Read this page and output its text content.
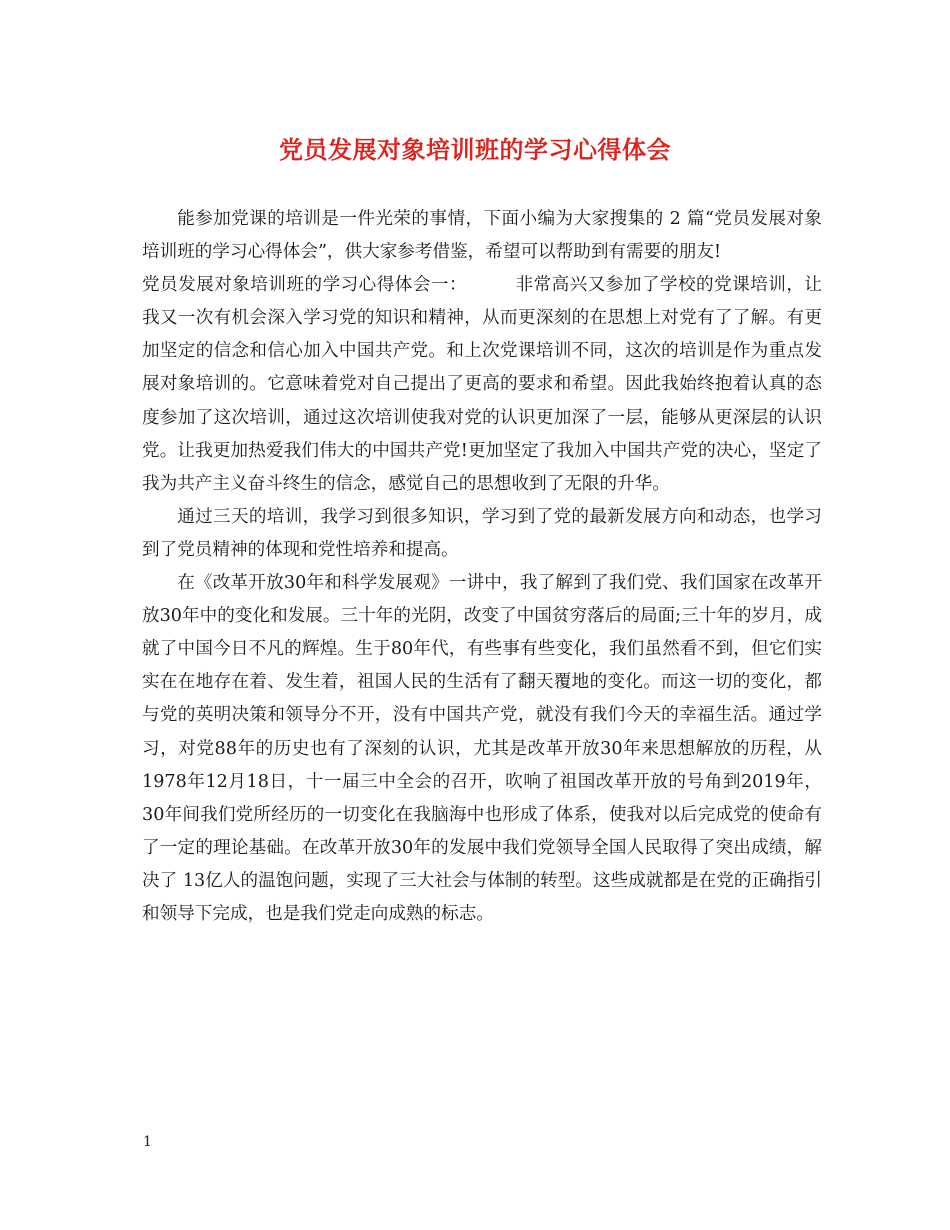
党员发展对象培训班的学习心得体会

能参加党课的培训是一件光荣的事情，下面小编为大家搜集的 2 篇“党员发展对象培训班的学习心得体会”，供大家参考借鉴，希望可以帮助到有需要的朋友!

党员发展对象培训班的学习心得体会一：	非常高兴又参加了学校的党课培训，让我又一次有机会深入学习党的知识和精神，从而更深刻的在思想上对党有了了解。有更加坚定的信念和信心加入中国共产党。和上次党课培训不同，这次的培训是作为重点发展对象培训的。它意味着党对自己提出了更高的要求和希望。因此我始终抱着认真的态度参加了这次培训，通过这次培训使我对党的认识更加深了一层，能够从更深层的认识党。让我更加热爱我们伟大的中国共产党!更加坚定了我加入中国共产党的决心，坚定了我为共产主义奋斗终生的信念，感觉自己的思想收到了无限的升华。

通过三天的培训，我学习到很多知识，学习到了党的最新发展方向和动态，也学习到了党员精神的体现和党性培养和提高。

在《改革开放30年和科学发展观》一讲中，我了解到了我们党、我们国家在改革开放30年中的变化和发展。三十年的光阴，改变了中国贫穷落后的局面;三十年的岁月，成就了中国今日不凡的辉煌。生于80年代，有些事有些变化，我们虽然看不到，但它们实实在在地存在着、发生着，祖国人民的生活有了翻天覆地的变化。而这一切的变化，都与党的英明决策和领导分不开，没有中国共产党，就没有我们今天的幸福生活。通过学习，对党88年的历史也有了深刻的认识，尤其是改革开放30年来思想解放的历程，从1978年12月18日，十一届三中全会的召开，吹响了祖国改革开放的号角到2019年，30年间我们党所经历的一切变化在我脑海中也形成了体系，使我对以后完成党的使命有了一定的理论基础。在改革开放30年的发展中我们党领导全国人民取得了突出成绩，解决了 13亿人的温饱问题，实现了三大社会与体制的转型。这些成就都是在党的正确指引和领导下完成，也是我们党走向成熟的标志。

1
